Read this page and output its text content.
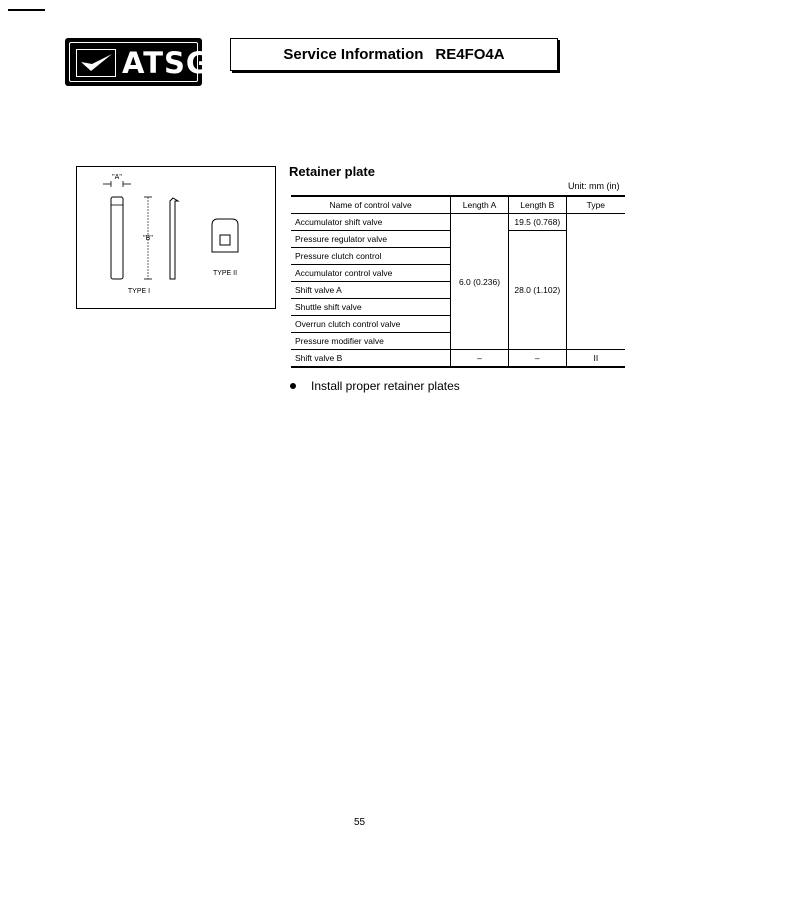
ATSG	Service Information RE4FO4A
"A"
"B"
TYPE I
TYPE II
Retainer plate
Unit: mm (in)
Name of control valve	Length A	Length B	Type
Accumulator shift valve	6.0 (0.236)	19.5 (0.768)	
Pressure regulator valve		28.0 (1.102)	
Pressure clutch control			
Accumulator control valve			
Shift valve A			
Shuttle shift valve			
Overrun clutch control valve			
Pressure modifier valve			
Shift valve B	–	–	II
Install proper retainer plates
55
